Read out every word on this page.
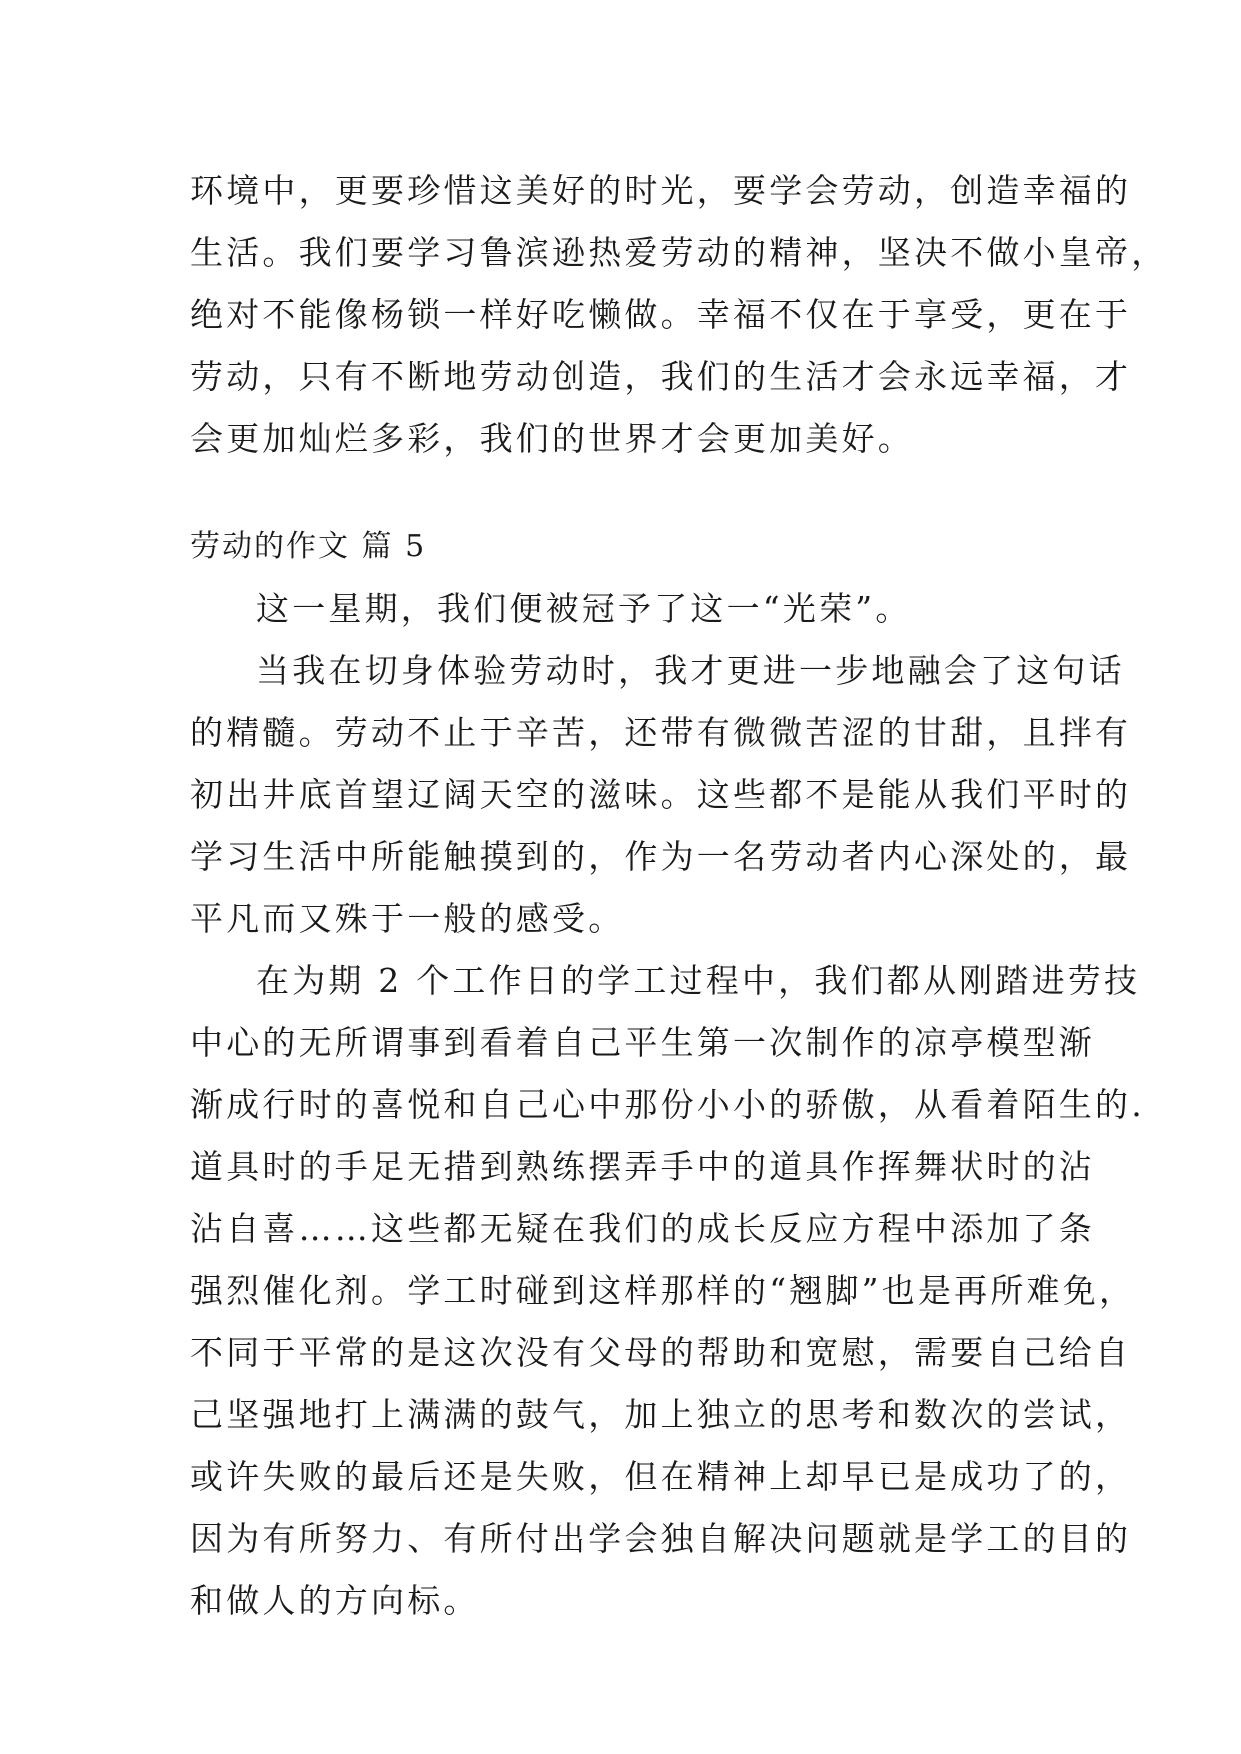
环境中，更要珍惜这美好的时光，要学会劳动，创造幸福的
生活。我们要学习鲁滨逊热爱劳动的精神，坚决不做小皇帝，
绝对不能像杨锁一样好吃懒做。幸福不仅在于享受，更在于
劳动，只有不断地劳动创造，我们的生活才会永远幸福，才
会更加灿烂多彩，我们的世界才会更加美好。
劳动的作文 篇 5
这一星期，我们便被冠予了这一“光荣”。
当我在切身体验劳动时，我才更进一步地融会了这句话
的精髓。劳动不止于辛苦，还带有微微苦涩的甘甜，且拌有
初出井底首望辽阔天空的滋味。这些都不是能从我们平时的
学习生活中所能触摸到的，作为一名劳动者内心深处的，最
平凡而又殊于一般的感受。
在为期 2 个工作日的学工过程中，我们都从刚踏进劳技
中心的无所谓事到看着自己平生第一次制作的凉亭模型渐
渐成行时的喜悦和自己心中那份小小的骄傲，从看着陌生的.
道具时的手足无措到熟练摆弄手中的道具作挥舞状时的沾
沾自喜……这些都无疑在我们的成长反应方程中添加了条
强烈催化剂。学工时碰到这样那样的“翘脚”也是再所难免，
不同于平常的是这次没有父母的帮助和宽慰，需要自己给自
己坚强地打上满满的鼓气，加上独立的思考和数次的尝试，
或许失败的最后还是失败，但在精神上却早已是成功了的，
因为有所努力、有所付出学会独自解决问题就是学工的目的
和做人的方向标。
